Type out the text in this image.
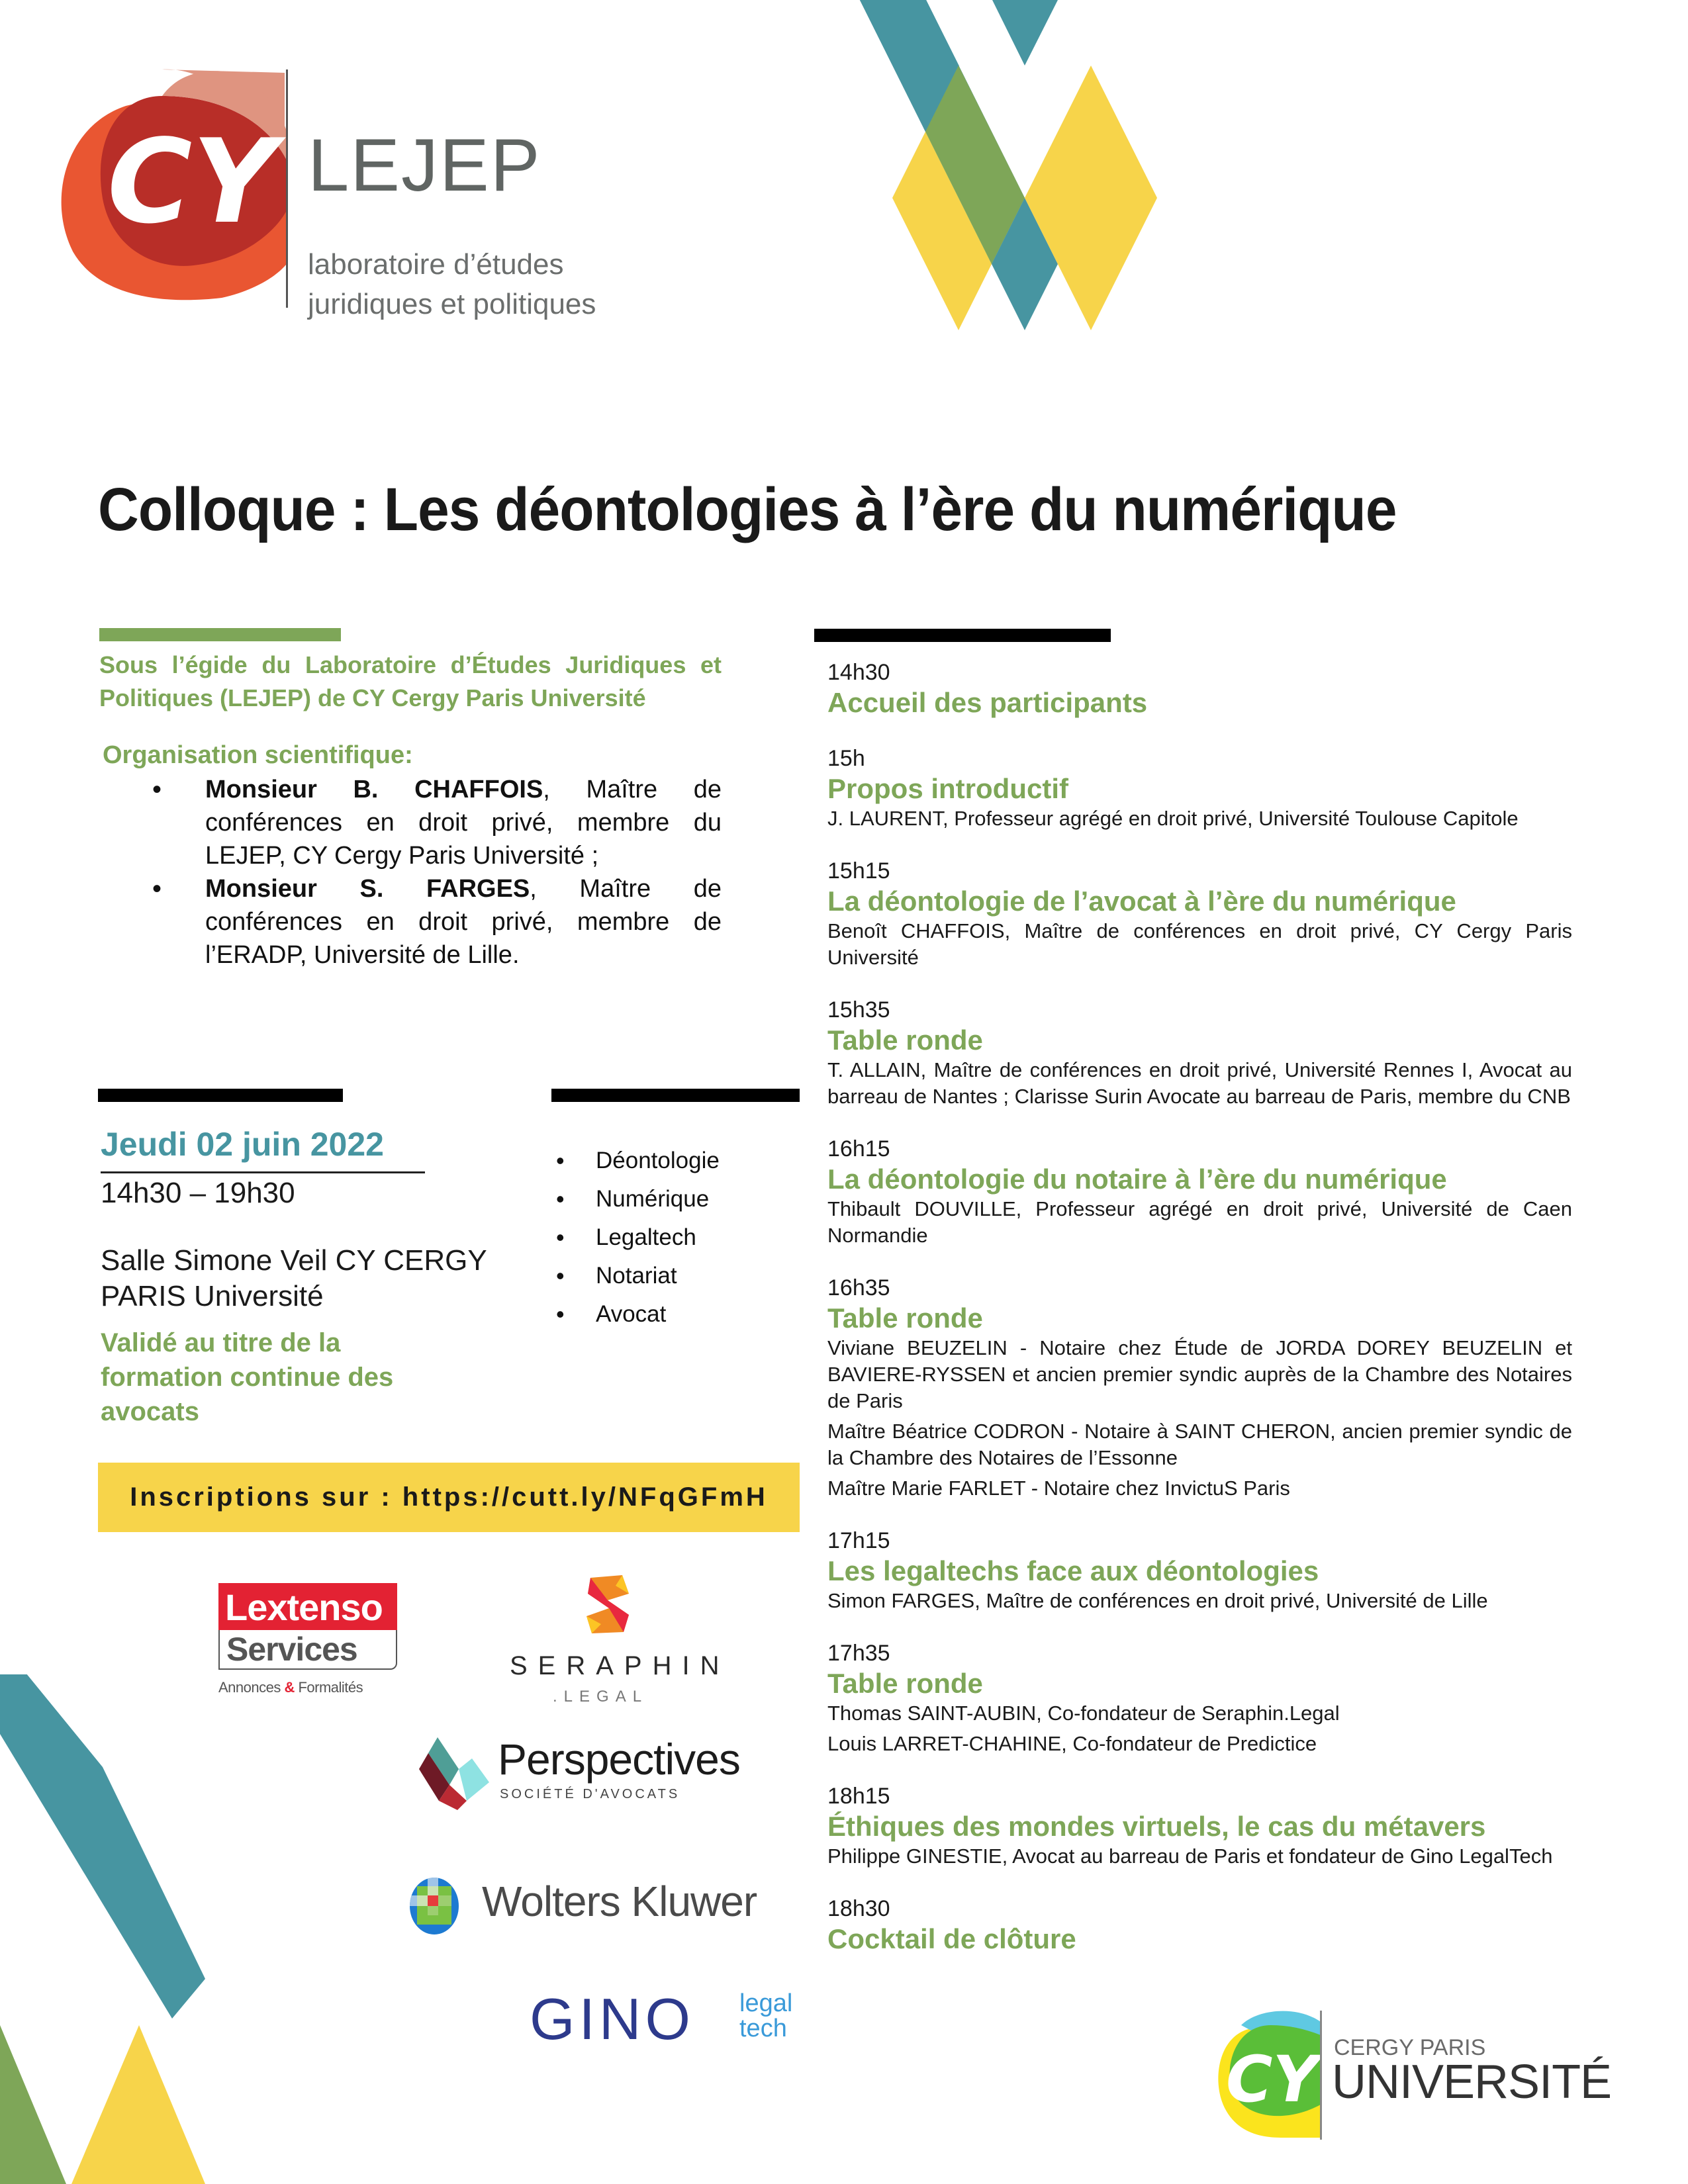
CY LEJEP
laboratoire d’études
juridiques et politiques
Colloque : Les déontologies à l’ère du numérique
Sous l’égide du Laboratoire d’Études Juridiques et Politiques (LEJEP) de CY Cergy Paris Université
Organisation scientifique:
• Monsieur B. CHAFFOIS, Maître de conférences en droit privé, membre du LEJEP, CY Cergy Paris Université ;
• Monsieur S. FARGES, Maître de conférences en droit privé, membre de l’ERADP, Université de Lille.
Jeudi 02 juin 2022
14h30 – 19h30
Salle Simone Veil CY CERGY PARIS Université
Validé au titre de la formation continue des avocats
• Déontologie
• Numérique
• Legaltech
• Notariat
• Avocat
Inscriptions sur : https://cutt.ly/NFqGFmH
14h30
Accueil des participants
15h
Propos introductif
J. LAURENT, Professeur agrégé en droit privé, Université Toulouse Capitole
15h15
La déontologie de l’avocat à l’ère du numérique
Benoît CHAFFOIS, Maître de conférences en droit privé, CY Cergy Paris Université
15h35
Table ronde
T. ALLAIN, Maître de conférences en droit privé, Université Rennes I, Avocat au barreau de Nantes ; Clarisse Surin Avocate au barreau de Paris, membre du CNB
16h15
La déontologie du notaire à l’ère du numérique
Thibault DOUVILLE, Professeur agrégé en droit privé, Université de Caen Normandie
16h35
Table ronde
Viviane BEUZELIN - Notaire chez Étude de JORDA DOREY BEUZELIN et BAVIERE-RYSSEN et ancien premier syndic auprès de la Chambre des Notaires de Paris
Maître Béatrice CODRON - Notaire à SAINT CHERON, ancien premier syndic de la Chambre des Notaires de l’Essonne
Maître Marie FARLET - Notaire chez InvictuS Paris
17h15
Les legaltechs face aux déontologies
Simon FARGES, Maître de conférences en droit privé, Université de Lille
17h35
Table ronde
Thomas SAINT-AUBIN, Co-fondateur de Seraphin.Legal
Louis LARRET-CHAHINE, Co-fondateur de Predictice
18h15
Éthiques des mondes virtuels, le cas du métavers
Philippe GINESTIE, Avocat au barreau de Paris et fondateur de Gino LegalTech
18h30
Cocktail de clôture
Lextenso
Services
Annonces & Formalités
SERAPHIN
.LEGAL
Perspectives
SOCIÉTÉ D'AVOCATS
Wolters Kluwer
GINO legal
tech
CY CERGY PARIS
UNIVERSITÉ
